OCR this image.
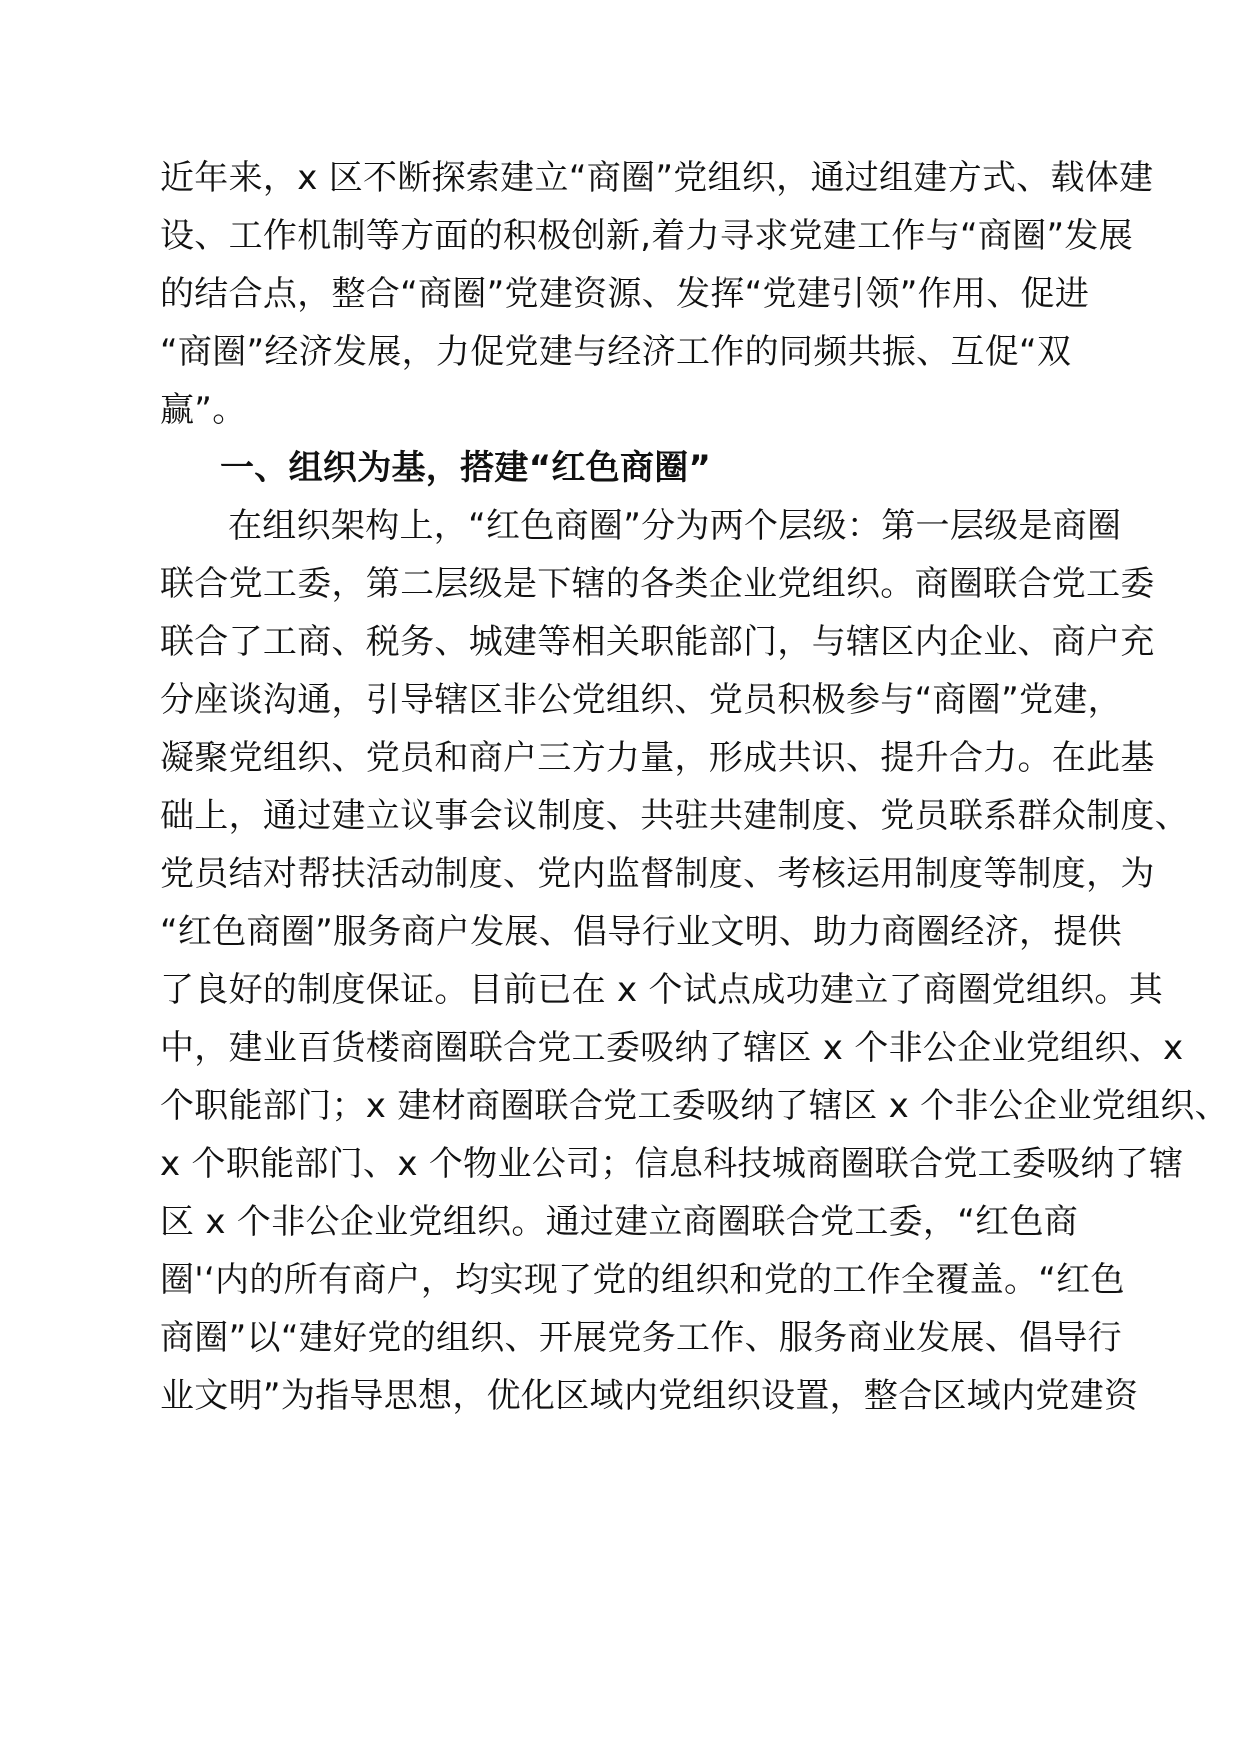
近年来，x 区不断探索建立“商圈”党组织，通过组建方式、载体建
设、工作机制等方面的积极创新,着力寻求党建工作与“商圈”发展
的结合点，整合“商圈”党建资源、发挥“党建引领”作用、促进
“商圈”经济发展，力促党建与经济工作的同频共振、互促“双
赢”。
一、组织为基，搭建“红色商圈”
在组织架构上，“红色商圈”分为两个层级：第一层级是商圈
联合党工委，第二层级是下辖的各类企业党组织。商圈联合党工委
联合了工商、税务、城建等相关职能部门，与辖区内企业、商户充
分座谈沟通，引导辖区非公党组织、党员积极参与“商圈”党建，
凝聚党组织、党员和商户三方力量，形成共识、提升合力。在此基
础上，通过建立议事会议制度、共驻共建制度、党员联系群众制度、
党员结对帮扶活动制度、党内监督制度、考核运用制度等制度，为
“红色商圈”服务商户发展、倡导行业文明、助力商圈经济，提供
了良好的制度保证。目前已在 x 个试点成功建立了商圈党组织。其
中，建业百货楼商圈联合党工委吸纳了辖区 x 个非公企业党组织、x
个职能部门；x 建材商圈联合党工委吸纳了辖区 x 个非公企业党组织、
x 个职能部门、x 个物业公司；信息科技城商圈联合党工委吸纳了辖
区 x 个非公企业党组织。通过建立商圈联合党工委，“红色商
圈'‘内的所有商户，均实现了党的组织和党的工作全覆盖。“红色
商圈”以“建好党的组织、开展党务工作、服务商业发展、倡导行
业文明”为指导思想，优化区域内党组织设置，整合区域内党建资
